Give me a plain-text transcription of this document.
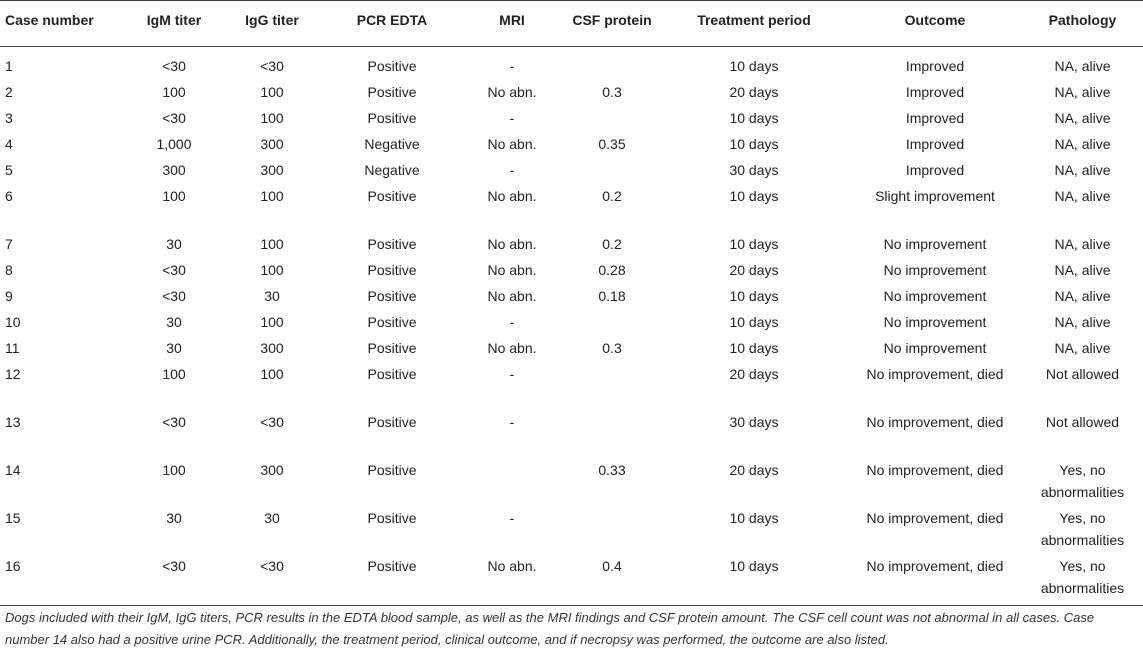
Case number	IgM titer	IgG titer	PCR EDTA	MRI	CSF protein	Treatment period	Outcome	Pathology
1	<30	<30	Positive	-		10 days	Improved	NA, alive
2	100	100	Positive	No abn.	0.3	20 days	Improved	NA, alive
3	<30	100	Positive	-		10 days	Improved	NA, alive
4	1,000	300	Negative	No abn.	0.35	10 days	Improved	NA, alive
5	300	300	Negative	-		30 days	Improved	NA, alive
6	100	100	Positive	No abn.	0.2	10 days	Slight improvement	NA, alive
7	30	100	Positive	No abn.	0.2	10 days	No improvement	NA, alive
8	<30	100	Positive	No abn.	0.28	20 days	No improvement	NA, alive
9	<30	30	Positive	No abn.	0.18	10 days	No improvement	NA, alive
10	30	100	Positive	-		10 days	No improvement	NA, alive
11	30	300	Positive	No abn.	0.3	10 days	No improvement	NA, alive
12	100	100	Positive	-		20 days	No improvement, died	Not allowed
13	<30	<30	Positive	-		30 days	No improvement, died	Not allowed
14	100	300	Positive		0.33	20 days	No improvement, died	Yes, no abnormalities
15	30	30	Positive	-		10 days	No improvement, died	Yes, no abnormalities
16	<30	<30	Positive	No abn.	0.4	10 days	No improvement, died	Yes, no abnormalities
Dogs included with their IgM, IgG titers, PCR results in the EDTA blood sample, as well as the MRI findings and CSF protein amount. The CSF cell count was not abnormal in all cases. Case number 14 also had a positive urine PCR. Additionally, the treatment period, clinical outcome, and if necropsy was performed, the outcome are also listed.
